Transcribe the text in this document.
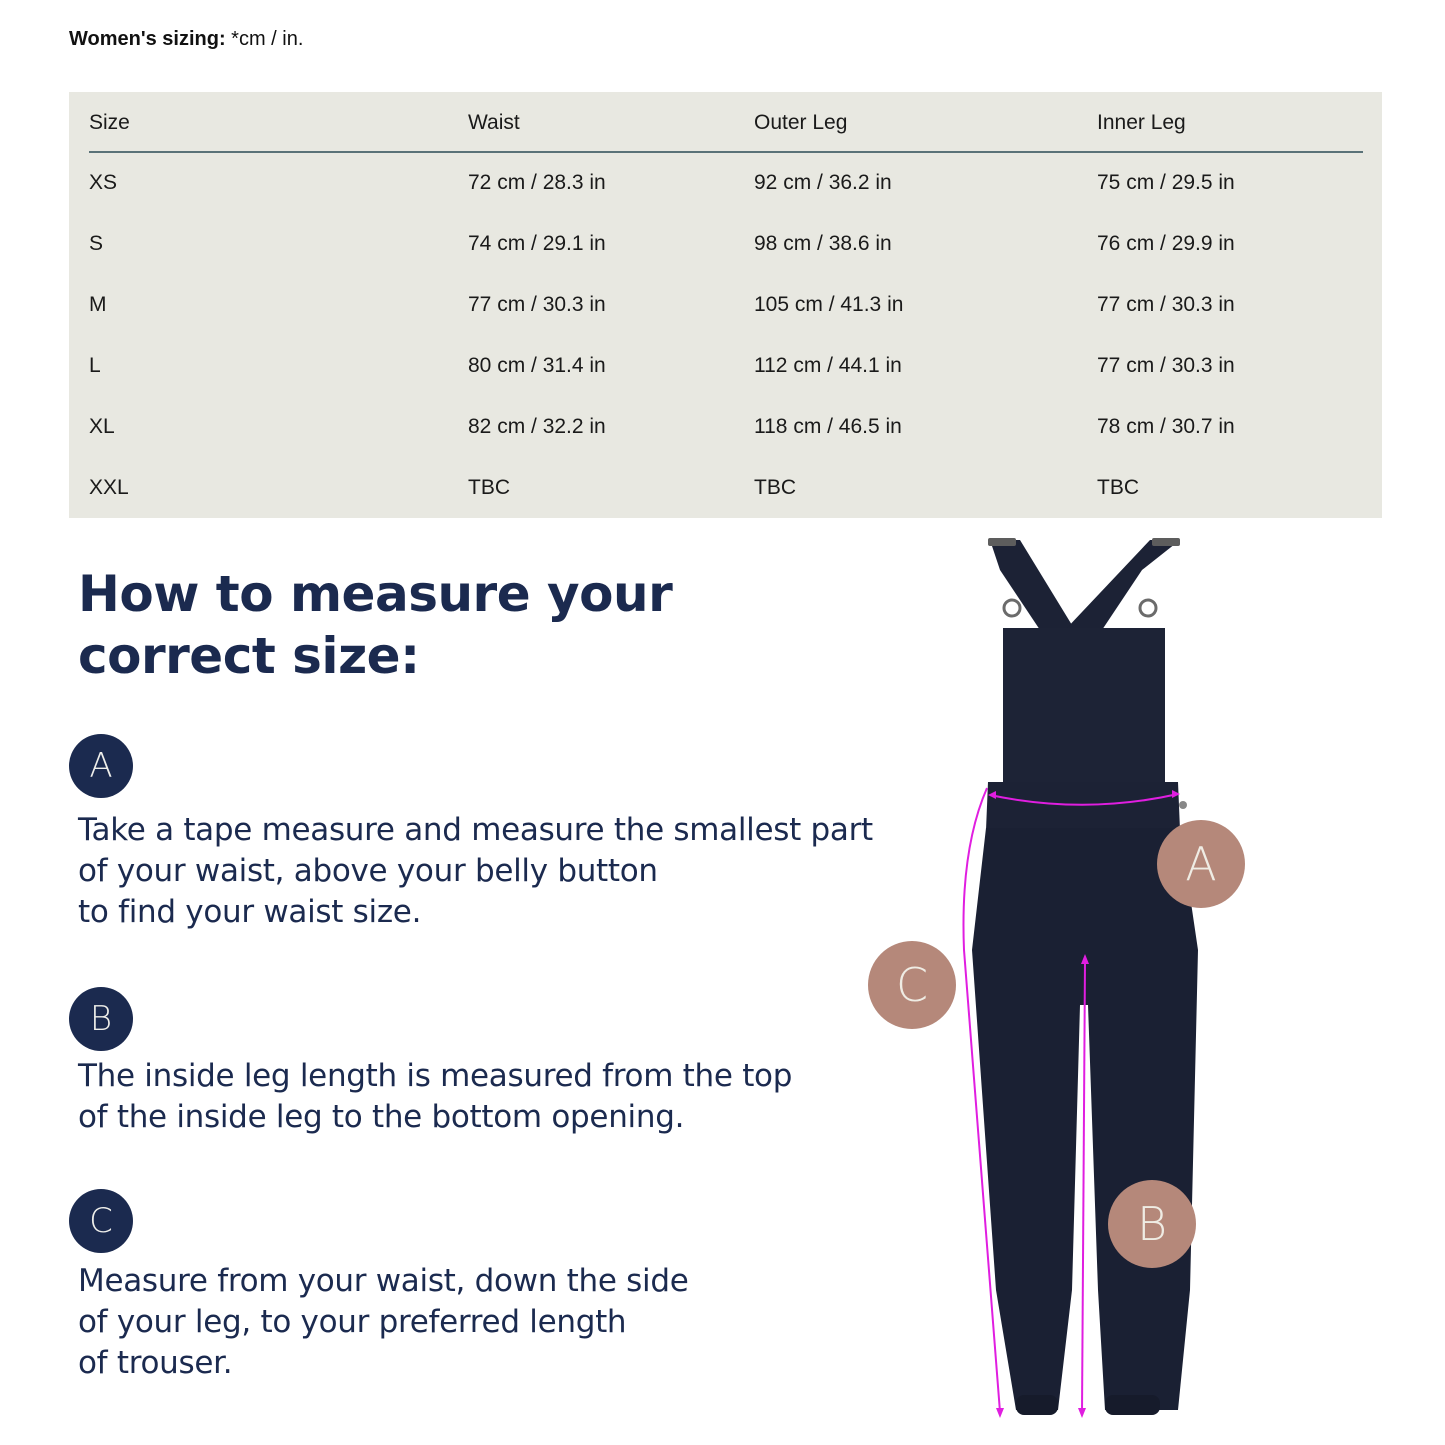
Women's sizing: *cm / in.
Size	Waist	Outer Leg	Inner Leg
XS	72 cm / 28.3 in	92 cm / 36.2 in	75 cm / 29.5 in
S	74 cm / 29.1 in	98 cm / 38.6 in	76 cm / 29.9 in
M	77 cm / 30.3 in	105 cm / 41.3 in	77 cm / 30.3 in
L	80 cm / 31.4 in	112 cm / 44.1 in	77 cm / 30.3 in
XL	82 cm / 32.2 in	118 cm / 46.5 in	78 cm / 30.7 in
XXL	TBC	TBC	TBC
How to measure your
correct size:
A
Take a tape measure and measure the smallest part
of your waist, above your belly button
to find your waist size.
B
The inside leg length is measured from the top
of the inside leg to the bottom opening.
C
Measure from your waist, down the side
of your leg, to your preferred length
of trouser.
A
B
C
